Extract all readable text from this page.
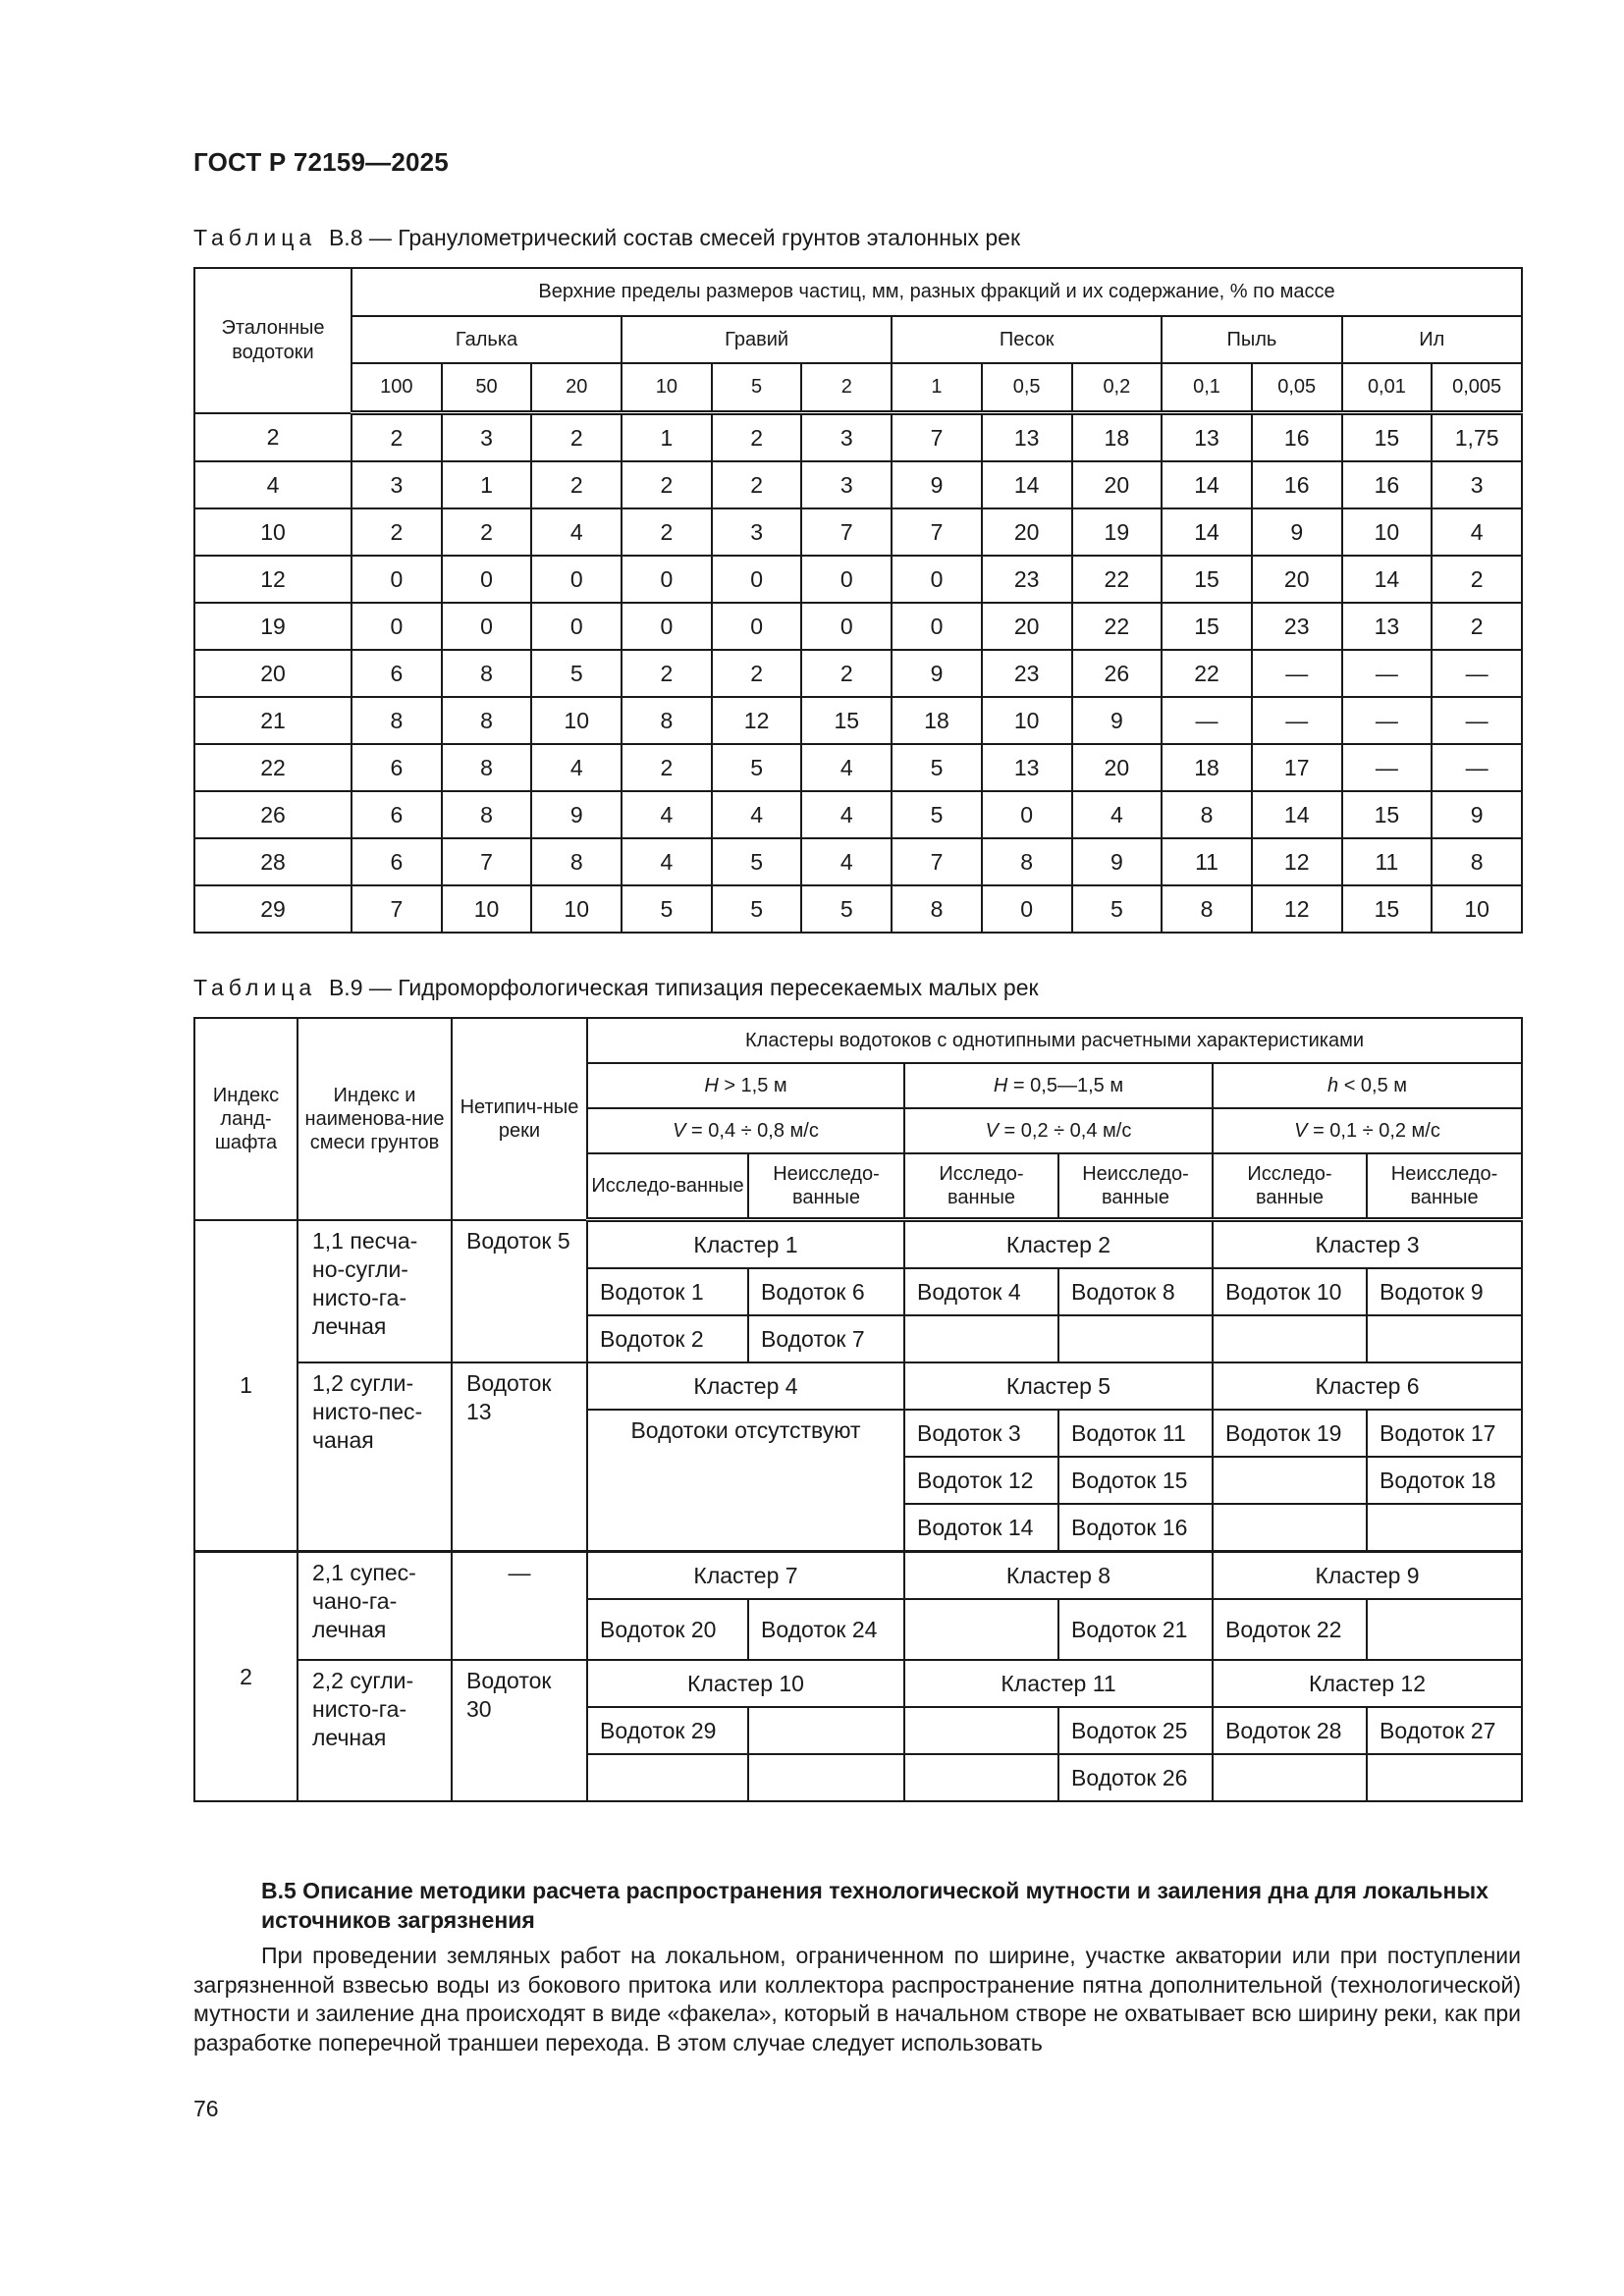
ГОСТ Р 72159—2025
Таблица В.8 — Гранулометрический состав смесей грунтов эталонных рек
Эталонные водотоки	Верхние пределы размеров частиц, мм, разных фракций и их содержание, % по массе												
	Галька			Гравий			Песок			Пыль		Ил	
	100	50	20	10	5	2	1	0,5	0,2	0,1	0,05	0,01	0,005
2	2	3	2	1	2	3	7	13	18	13	16	15	1,75
4	3	1	2	2	2	3	9	14	20	14	16	16	3
10	2	2	4	2	3	7	7	20	19	14	9	10	4
12	0	0	0	0	0	0	0	23	22	15	20	14	2
19	0	0	0	0	0	0	0	20	22	15	23	13	2
20	6	8	5	2	2	2	9	23	26	22	—	—	—
21	8	8	10	8	12	15	18	10	9	—	—	—	—
22	6	8	4	2	5	4	5	13	20	18	17	—	—
26	6	8	9	4	4	4	5	0	4	8	14	15	9
28	6	7	8	4	5	4	7	8	9	11	12	11	8
29	7	10	10	5	5	5	8	0	5	8	12	15	10
Таблица В.9 — Гидроморфологическая типизация пересекаемых малых рек
Индекс ланд-шафта	Индекс и наименова-ние смеси грунтов	Нетипич-ные реки	Кластеры водотоков с однотипными расчетными характеристиками					
			H > 1,5 м		H = 0,5—1,5 м		h < 0,5 м	
			V = 0,4 ÷ 0,8 м/с		V = 0,2 ÷ 0,4 м/с		V = 0,1 ÷ 0,2 м/с	
			Исследо-ванные	Неисследо-ванные	Исследо-ванные	Неисследо-ванные	Исследо-ванные	Неисследо-ванные
1	1,1 песча-но-сугли-нисто-га-лечная	Водоток 5	Кластер 1		Кластер 2		Кластер 3	
			Водоток 1	Водоток 6	Водоток 4	Водоток 8	Водоток 10	Водоток 9
			Водоток 2	Водоток 7				
	1,2 сугли-нисто-пес-чаная	Водоток 13	Кластер 4		Кластер 5		Кластер 6	
			Водотоки отсутствуют		Водоток 3	Водоток 11	Водоток 19	Водоток 17
					Водоток 12	Водоток 15		Водоток 18
					Водоток 14	Водоток 16		
2	2,1 супес-чано-га-лечная	—	Кластер 7		Кластер 8		Кластер 9	
			Водоток 20	Водоток 24		Водоток 21	Водоток 22	
	2,2 сугли-нисто-га-лечная	Водоток 30	Кластер 10		Кластер 11		Кластер 12	
			Водоток 29			Водоток 25	Водоток 28	Водоток 27
						Водоток 26		
В.5 Описание методики расчета распространения технологической мутности и заиления дна для локальных источников загрязнения
При проведении земляных работ на локальном, ограниченном по ширине, участке акватории или при поступлении загрязненной взвесью воды из бокового притока или коллектора распространение пятна дополнительной (технологической) мутности и заиление дна происходят в виде «факела», который в начальном створе не охватывает всю ширину реки, как при разработке поперечной траншеи перехода. В этом случае следует использовать
76
